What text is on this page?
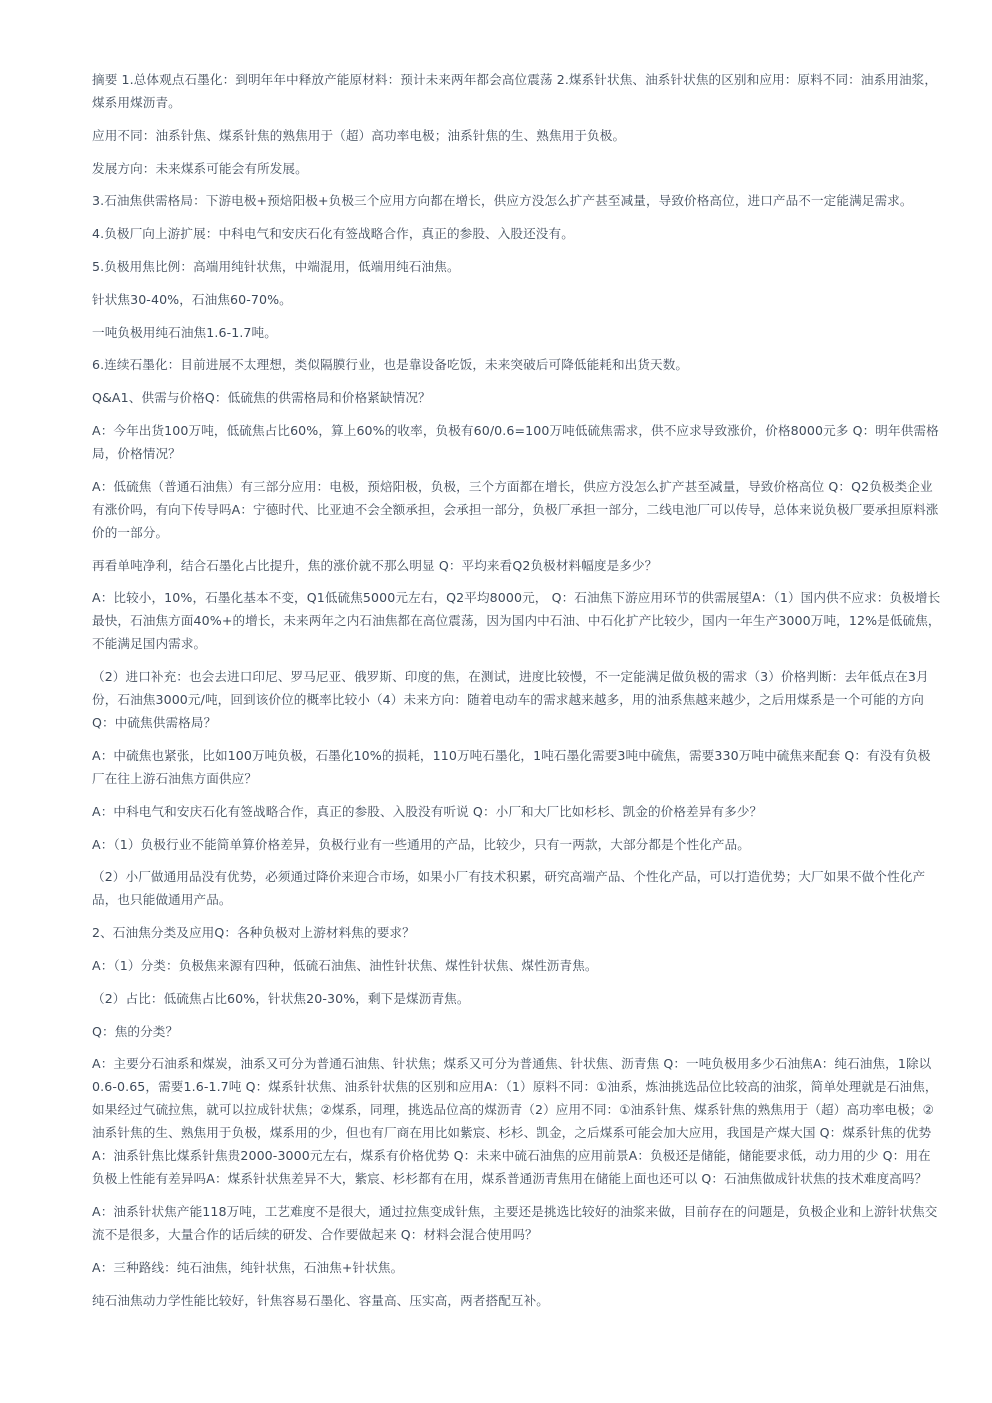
摘要 1.总体观点石墨化：到明年年中释放产能原材料：预计未来两年都会高位震荡 2.煤系针状焦、油系针状焦的区别和应用：原料不同：油系用油浆，煤系用煤沥青。

应用不同：油系针焦、煤系针焦的熟焦用于（超）高功率电极；油系针焦的生、熟焦用于负极。

发展方向：未来煤系可能会有所发展。

3.石油焦供需格局：下游电极+预焙阳极+负极三个应用方向都在增长，供应方没怎么扩产甚至减量，导致价格高位，进口产品不一定能满足需求。

4.负极厂向上游扩展：中科电气和安庆石化有签战略合作，真正的参股、入股还没有。

5.负极用焦比例：高端用纯针状焦，中端混用，低端用纯石油焦。

针状焦30-40%，石油焦60-70%。

一吨负极用纯石油焦1.6-1.7吨。

6.连续石墨化：目前进展不太理想，类似隔膜行业，也是靠设备吃饭，未来突破后可降低能耗和出货天数。

Q&A1、供需与价格Q：低硫焦的供需格局和价格紧缺情况？

A：今年出货100万吨，低硫焦占比60%，算上60%的收率，负极有60/0.6=100万吨低硫焦需求，供不应求导致涨价，价格8000元多 Q：明年供需格局，价格情况？

A：低硫焦（普通石油焦）有三部分应用：电极，预焙阳极，负极，三个方面都在增长，供应方没怎么扩产甚至减量，导致价格高位 Q：Q2负极类企业有涨价吗，有向下传导吗A：宁德时代、比亚迪不会全额承担，会承担一部分，负极厂承担一部分，二线电池厂可以传导，总体来说负极厂要承担原料涨价的一部分。

再看单吨净利，结合石墨化占比提升，焦的涨价就不那么明显 Q：平均来看Q2负极材料幅度是多少？

A：比较小，10%，石墨化基本不变，Q1低硫焦5000元左右，Q2平均8000元， Q：石油焦下游应用环节的供需展望A：（1）国内供不应求：负极增长最快，石油焦方面40%+的增长，未来两年之内石油焦都在高位震荡，因为国内中石油、中石化扩产比较少，国内一年生产3000万吨，12%是低硫焦，不能满足国内需求。

（2）进口补充：也会去进口印尼、罗马尼亚、俄罗斯、印度的焦，在测试，进度比较慢，不一定能满足做负极的需求（3）价格判断：去年低点在3月份，石油焦3000元/吨，回到该价位的概率比较小（4）未来方向：随着电动车的需求越来越多，用的油系焦越来越少，之后用煤系是一个可能的方向 Q：中硫焦供需格局？

A：中硫焦也紧张，比如100万吨负极，石墨化10%的损耗，110万吨石墨化，1吨石墨化需要3吨中硫焦，需要330万吨中硫焦来配套 Q：有没有负极厂在往上游石油焦方面供应？

A：中科电气和安庆石化有签战略合作，真正的参股、入股没有听说 Q：小厂和大厂比如杉杉、凯金的价格差异有多少？

A：（1）负极行业不能简单算价格差异，负极行业有一些通用的产品，比较少，只有一两款，大部分都是个性化产品。

（2）小厂做通用品没有优势，必须通过降价来迎合市场，如果小厂有技术积累，研究高端产品、个性化产品，可以打造优势；大厂如果不做个性化产品，也只能做通用产品。

2、石油焦分类及应用Q：各种负极对上游材料焦的要求？

A：（1）分类：负极焦来源有四种，低硫石油焦、油性针状焦、煤性针状焦、煤性沥青焦。

（2）占比：低硫焦占比60%，针状焦20-30%，剩下是煤沥青焦。

Q：焦的分类？

A：主要分石油系和煤炭，油系又可分为普通石油焦、针状焦；煤系又可分为普通焦、针状焦、沥青焦 Q：一吨负极用多少石油焦A：纯石油焦，1除以0.6-0.65，需要1.6-1.7吨 Q：煤系针状焦、油系针状焦的区别和应用A：（1）原料不同：①油系，炼油挑选品位比较高的油浆，简单处理就是石油焦，如果经过气硫拉焦，就可以拉成针状焦；②煤系，同理，挑选品位高的煤沥青（2）应用不同：①油系针焦、煤系针焦的熟焦用于（超）高功率电极；②油系针焦的生、熟焦用于负极，煤系用的少，但也有厂商在用比如紫宸、杉杉、凯金，之后煤系可能会加大应用，我国是产煤大国 Q：煤系针焦的优势A：油系针焦比煤系针焦贵2000-3000元左右，煤系有价格优势 Q：未来中硫石油焦的应用前景A：负极还是储能，储能要求低，动力用的少 Q：用在负极上性能有差异吗A：煤系针状焦差异不大，紫宸、杉杉都有在用，煤系普通沥青焦用在储能上面也还可以 Q：石油焦做成针状焦的技术难度高吗？

A：油系针状焦产能118万吨，工艺难度不是很大，通过拉焦变成针焦，主要还是挑选比较好的油浆来做，目前存在的问题是，负极企业和上游针状焦交流不是很多，大量合作的话后续的研发、合作要做起来 Q：材料会混合使用吗？

A：三种路线：纯石油焦，纯针状焦，石油焦+针状焦。

纯石油焦动力学性能比较好，针焦容易石墨化、容量高、压实高，两者搭配互补。
